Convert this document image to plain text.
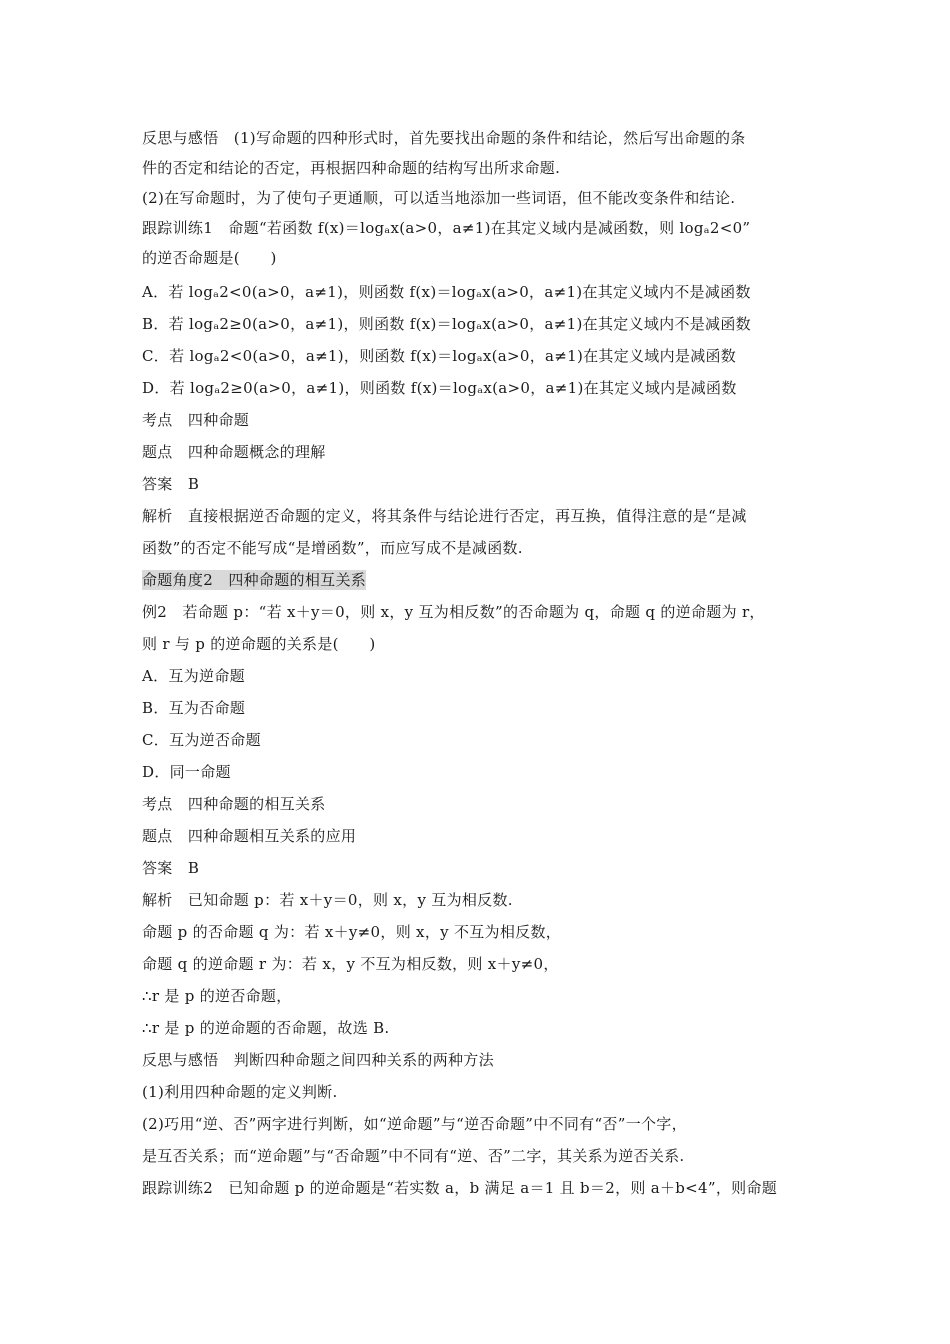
反思与感悟　(1)写命题的四种形式时，首先要找出命题的条件和结论，然后写出命题的条
件的否定和结论的否定，再根据四种命题的结构写出所求命题.
(2)在写命题时，为了使句子更通顺，可以适当地添加一些词语，但不能改变条件和结论.
跟踪训练1　命题“若函数 f(x)＝logₐx(a>0，a≠1)在其定义域内是减函数，则 logₐ2<0”
的逆否命题是(　　)
A．若 logₐ2<0(a>0，a≠1)，则函数 f(x)＝logₐx(a>0，a≠1)在其定义域内不是减函数
B．若 logₐ2≥0(a>0，a≠1)，则函数 f(x)＝logₐx(a>0，a≠1)在其定义域内不是减函数
C．若 logₐ2<0(a>0，a≠1)，则函数 f(x)＝logₐx(a>0，a≠1)在其定义域内是减函数
D．若 logₐ2≥0(a>0，a≠1)，则函数 f(x)＝logₐx(a>0，a≠1)在其定义域内是减函数
考点　四种命题
题点　四种命题概念的理解
答案　B
解析　直接根据逆否命题的定义，将其条件与结论进行否定，再互换，值得注意的是“是减
函数”的否定不能写成“是增函数”，而应写成不是减函数.
命题角度2　四种命题的相互关系
例2　若命题 p：“若 x＋y＝0，则 x，y 互为相反数”的否命题为 q，命题 q 的逆命题为 r，
则 r 与 p 的逆命题的关系是(　　)
A．互为逆命题
B．互为否命题
C．互为逆否命题
D．同一命题
考点　四种命题的相互关系
题点　四种命题相互关系的应用
答案　B
解析　已知命题 p：若 x＋y＝0，则 x，y 互为相反数.
命题 p 的否命题 q 为：若 x＋y≠0，则 x，y 不互为相反数，
命题 q 的逆命题 r 为：若 x，y 不互为相反数，则 x＋y≠0，
∴r 是 p 的逆否命题，
∴r 是 p 的逆命题的否命题，故选 B.
反思与感悟　判断四种命题之间四种关系的两种方法
(1)利用四种命题的定义判断.
(2)巧用“逆、否”两字进行判断，如“逆命题”与“逆否命题”中不同有“否”一个字，
是互否关系；而“逆命题”与“否命题”中不同有“逆、否”二字，其关系为逆否关系.
跟踪训练2　已知命题 p 的逆命题是“若实数 a，b 满足 a＝1 且 b＝2，则 a＋b<4”，则命题
